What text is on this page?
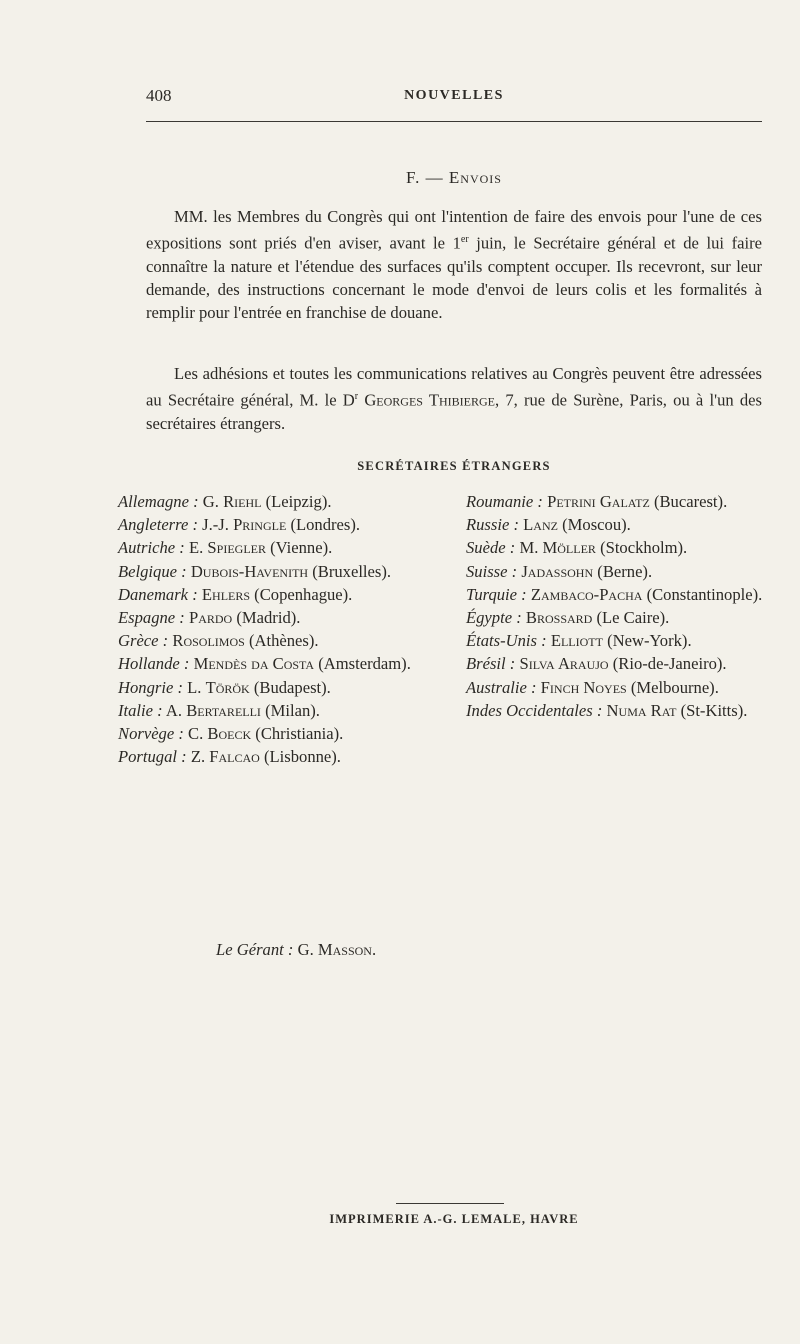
408	NOUVELLES
F. — Envois

MM. les Membres du Congrès qui ont l'intention de faire des envois pour l'une de ces expositions sont priés d'en aviser, avant le 1er juin, le Secrétaire général et de lui faire connaître la nature et l'étendue des surfaces qu'ils comptent occuper. Ils recevront, sur leur demande, des instructions concernant le mode d'envoi de leurs colis et les formalités à remplir pour l'entrée en franchise de douane.

Les adhésions et toutes les communications relatives au Congrès peuvent être adressées au Secrétaire général, M. le $D^r$ Georges Thibierge, 7, rue de Surène, Paris, ou à l'un des secrétaires étrangers.

SECRÉTAIRES ÉTRANGERS
Allemagne : G. Riehl (Leipzig).
Angleterre : J.-J. Pringle (Londres).
Autriche : E. Spiegler (Vienne).
Belgique : Dubois-Havenith (Bruxelles).
Danemark : Ehlers (Copenhague).
Espagne : Pardo (Madrid).
Grèce : Rosolimos (Athènes).
Hollande : Mendès da Costa (Amsterdam).
Hongrie : L. Török (Budapest).
Italie : A. Bertarelli (Milan).
Norvège : C. Boeck (Christiania).
Portugal : Z. Falcao (Lisbonne).
Roumanie : Petrini Galatz (Bucarest).
Russie : Lanz (Moscou).
Suède : M. Möller (Stockholm).
Suisse : Jadassohn (Berne).
Turquie : Zambaco-Pacha (Constantinople).
Égypte : Brossard (Le Caire).
États-Unis : Elliott (New-York).
Brésil : Silva Araujo (Rio-de-Janeiro).
Australie : Finch Noyes (Melbourne).
Indes Occidentales : Numa Rat (St-Kitts).
Le Gérant : G. Masson.
IMPRIMERIE A.-G. LEMALE, HAVRE
